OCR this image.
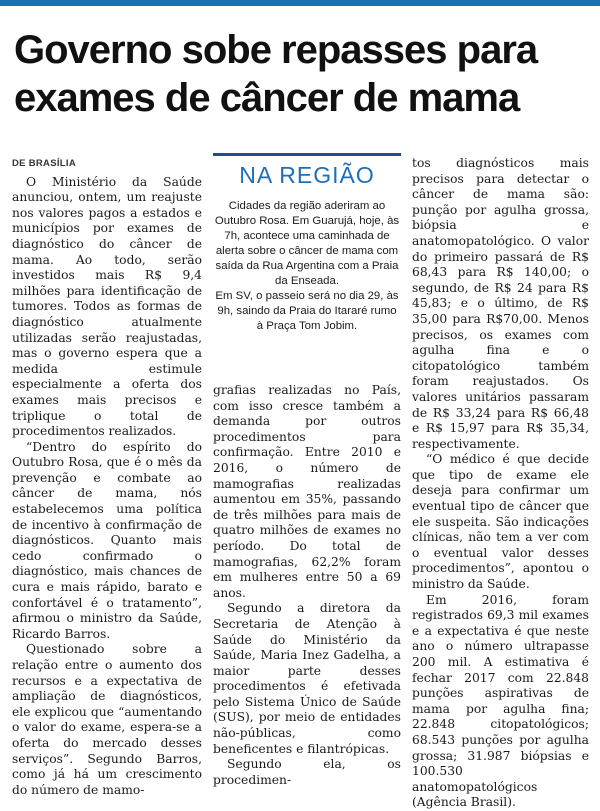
Governo sobe repasses para exames de câncer de mama
DE BRASÍLIA

O Ministério da Saúde anunciou, ontem, um reajuste nos valores pagos a estados e municípios por exames de diagnóstico do câncer de mama. Ao todo, serão investidos mais R$ 9,4 milhões para identificação de tumores. Todos as formas de diagnóstico atualmente utilizadas serão reajustadas, mas o governo espera que a medida estimule especialmente a oferta dos exames mais precisos e triplique o total de procedimentos realizados.

“Dentro do espírito do Outubro Rosa, que é o mês da prevenção e combate ao câncer de mama, nós estabelecemos uma política de incentivo à confirmação de diagnósticos. Quanto mais cedo confirmado o diagnóstico, mais chances de cura e mais rápido, barato e confortável é o tratamento”, afirmou o ministro da Saúde, Ricardo Barros.

Questionado sobre a relação entre o aumento dos recursos e a expectativa de ampliação de diagnósticos, ele explicou que “aumentando o valor do exame, espera-se a oferta do mercado desses serviços”. Segundo Barros, como já há um crescimento do número de mamo-

NA REGIÃO

Cidades da região aderiram ao Outubro Rosa. Em Guarujá, hoje, às 7h, acontece uma caminhada de alerta sobre o câncer de mama com saída da Rua Argentina com a Praia da Enseada.

Em SV, o passeio será no dia 29, às 9h, saindo da Praia do Itararé rumo à Praça Tom Jobim.

grafias realizadas no País, com isso cresce também a demanda por outros procedimentos para confirmação. Entre 2010 e 2016, o número de mamografias realizadas aumentou em 35%, passando de três milhões para mais de quatro milhões de exames no período. Do total de mamografias, 62,2% foram em mulheres entre 50 a 69 anos.

Segundo a diretora da Secretaria de Atenção à Saúde do Ministério da Saúde, Maria Inez Gadelha, a maior parte desses procedimentos é efetivada pelo Sistema Único de Saúde (SUS), por meio de entidades não-públicas, como beneficentes e filantrópicas.

Segundo ela, os procedimen-

tos diagnósticos mais precisos para detectar o câncer de mama são: punção por agulha grossa, biópsia e anatomopatológico. O valor do primeiro passará de R$ 68,43 para R$ 140,00; o segundo, de R$ 24 para R$ 45,83; e o último, de R$ 35,00 para R$70,00. Menos precisos, os exames com agulha fina e o citopatológico também foram reajustados. Os valores unitários passaram de R$ 33,24 para R$ 66,48 e R$ 15,97 para R$ 35,34, respectivamente.

“O médico é que decide que tipo de exame ele deseja para confirmar um eventual tipo de câncer que ele suspeita. São indicações clínicas, não tem a ver com o eventual valor desses procedimentos”, apontou o ministro da Saúde.

Em 2016, foram registrados 69,3 mil exames e a expectativa é que neste ano o número ultrapasse 200 mil. A estimativa é fechar 2017 com 22.848 punções aspirativas de mama por agulha fina; 22.848 citopatológicos; 68.543 punções por agulha grossa; 31.987 biópsias e 100.530 anatomopatológicos (Agência Brasil).
